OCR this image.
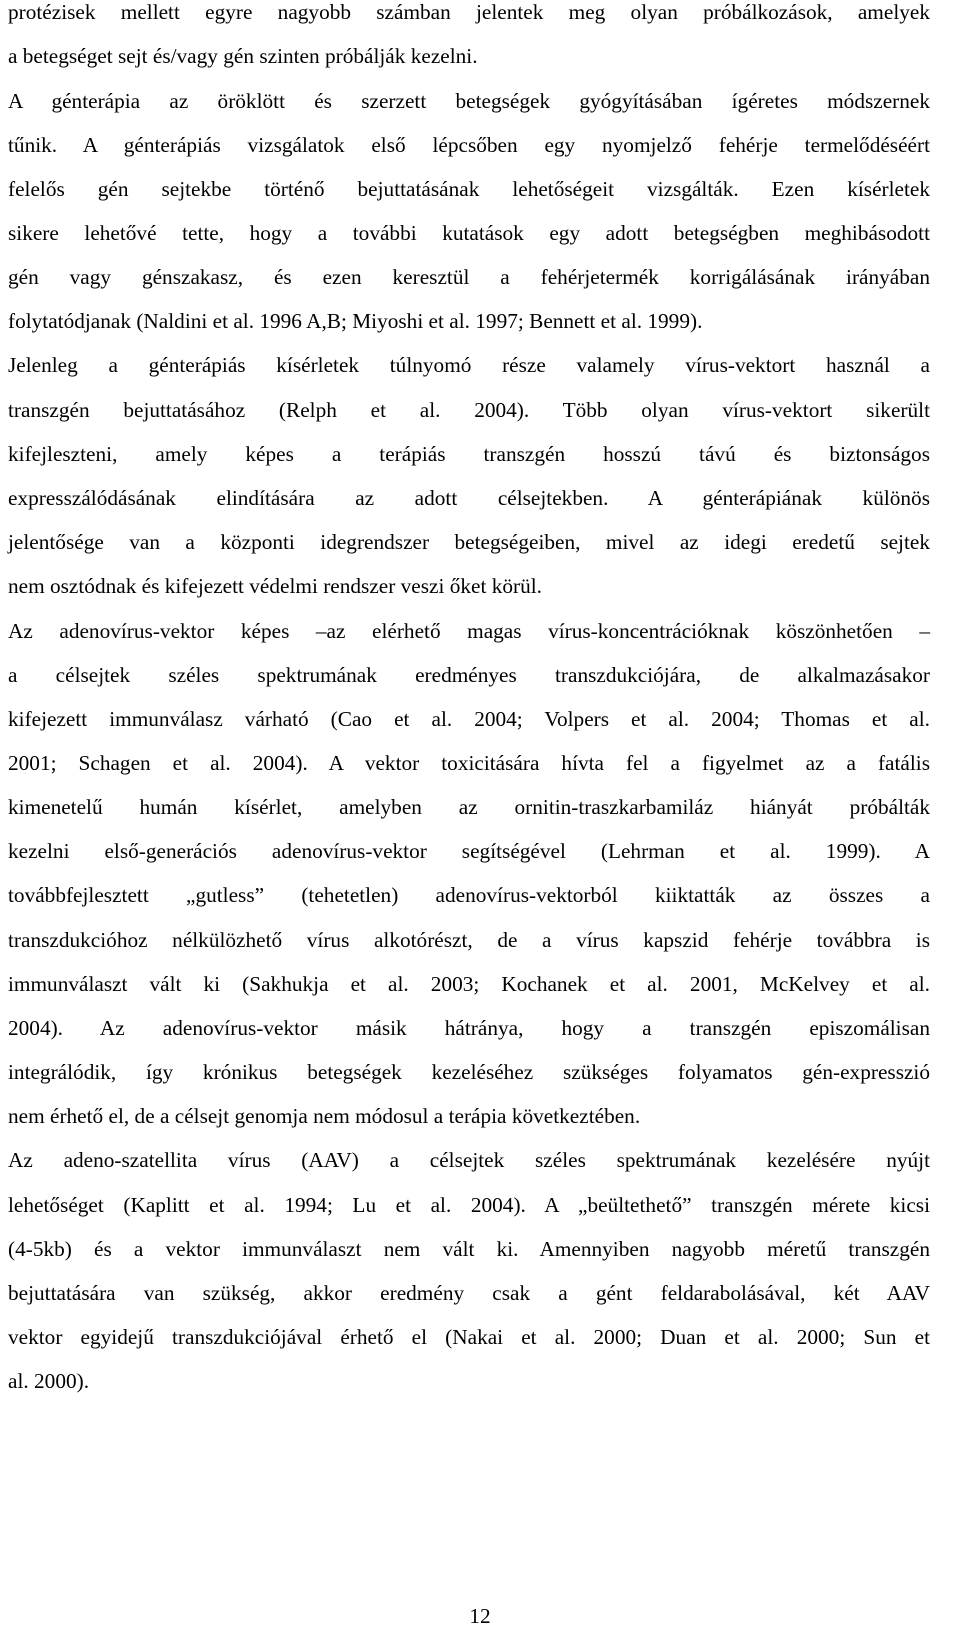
protézisek mellett egyre nagyobb számban jelentek meg olyan próbálkozások, amelyek
a betegséget sejt és/vagy gén szinten próbálják kezelni.
A génterápia az öröklött és szerzett betegségek gyógyításában ígéretes módszernek
tűnik. A génterápiás vizsgálatok első lépcsőben egy nyomjelző fehérje termelődéséért
felelős gén sejtekbe történő bejuttatásának lehetőségeit vizsgálták. Ezen kísérletek
sikere lehetővé tette, hogy a további kutatások egy adott betegségben meghibásodott
gén vagy génszakasz, és ezen keresztül a fehérjetermék korrigálásának irányában
folytatódjanak (Naldini et al. 1996 A,B; Miyoshi et al. 1997; Bennett et al. 1999).
Jelenleg a génterápiás kísérletek túlnyomó része valamely vírus-vektort használ a
transzgén bejuttatásához (Relph et al. 2004). Több olyan vírus-vektort sikerült
kifejleszteni, amely képes a terápiás transzgén hosszú távú és biztonságos
expresszálódásának elindítására az adott célsejtekben. A génterápiának különös
jelentősége van a központi idegrendszer betegségeiben, mivel az idegi eredetű sejtek
nem osztódnak és kifejezett védelmi rendszer veszi őket körül.
Az adenovírus-vektor képes –az elérhető magas vírus-koncentrációknak köszönhetően –
a célsejtek széles spektrumának eredményes transzdukciójára, de alkalmazásakor
kifejezett immunválasz várható (Cao et al. 2004; Volpers et al. 2004; Thomas et al.
2001; Schagen et al. 2004). A vektor toxicitására hívta fel a figyelmet az a fatális
kimenetelű humán kísérlet, amelyben az ornitin-traszkarbamiláz hiányát próbálták
kezelni első-generációs adenovírus-vektor segítségével (Lehrman et al. 1999). A
továbbfejlesztett „gutless” (tehetetlen) adenovírus-vektorból kiiktatták az összes a
transzdukcióhoz nélkülözhető vírus alkotórészt, de a vírus kapszid fehérje továbbra is
immunválaszt vált ki (Sakhukja et al. 2003; Kochanek et al. 2001, McKelvey et al.
2004). Az adenovírus-vektor másik hátránya, hogy a transzgén episzomálisan
integrálódik, így krónikus betegségek kezeléséhez szükséges folyamatos gén-expresszió
nem érhető el, de a célsejt genomja nem módosul a terápia következtében.
Az adeno-szatellita vírus (AAV) a célsejtek széles spektrumának kezelésére nyújt
lehetőséget (Kaplitt et al. 1994; Lu et al. 2004). A „beültethető” transzgén mérete kicsi
(4-5kb) és a vektor immunválaszt nem vált ki. Amennyiben nagyobb méretű transzgén
bejuttatására van szükség, akkor eredmény csak a gént feldarabolásával, két AAV
vektor egyidejű transzdukciójával érhető el (Nakai et al. 2000; Duan et al. 2000; Sun et
al. 2000).
12
